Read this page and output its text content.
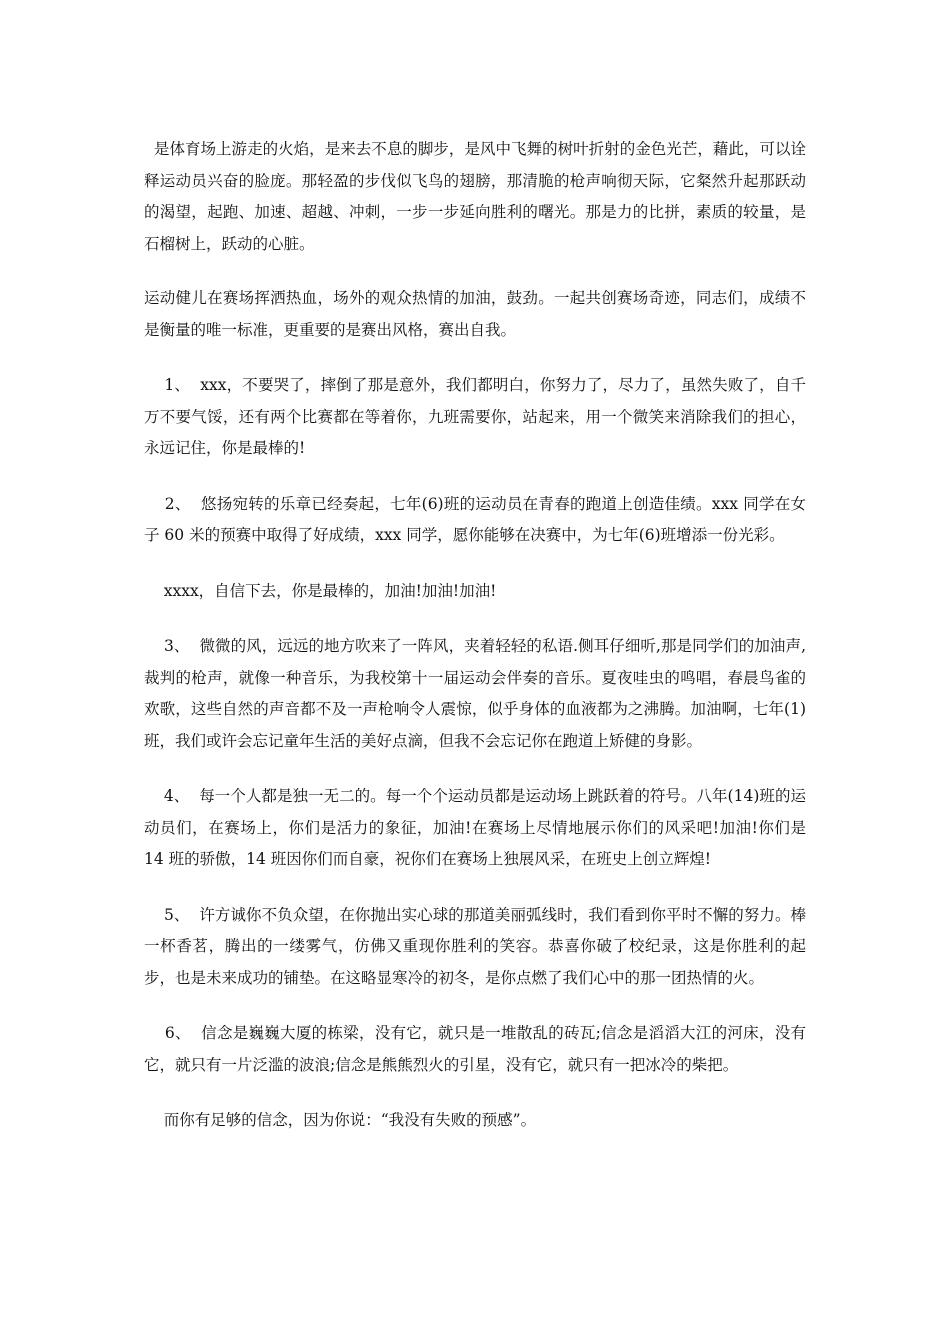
是体育场上游走的火焰，是来去不息的脚步，是风中飞舞的树叶折射的金色光芒，藉此，可以诠释运动员兴奋的脸庞。那轻盈的步伐似飞鸟的翅膀，那清脆的枪声响彻天际，它粲然升起那跃动的渴望，起跑、加速、超越、冲刺，一步一步延向胜利的曙光。那是力的比拼，素质的较量，是石榴树上，跃动的心脏。

运动健儿在赛场挥洒热血，场外的观众热情的加油，鼓劲。一起共创赛场奇迹，同志们，成绩不是衡量的唯一标准，更重要的是赛出风格，赛出自我。

1、  xxx，不要哭了，摔倒了那是意外，我们都明白，你努力了，尽力了，虽然失败了，自千万不要气馁，还有两个比赛都在等着你，九班需要你，站起来，用一个微笑来消除我们的担心，永远记住，你是最棒的!

2、  悠扬宛转的乐章已经奏起，七年(6)班的运动员在青春的跑道上创造佳绩。xxx 同学在女子 60 米的预赛中取得了好成绩，xxx 同学，愿你能够在决赛中，为七年(6)班增添一份光彩。

xxxx，自信下去，你是最棒的，加油!加油!加油!

3、  微微的风，远远的地方吹来了一阵风，夹着轻轻的私语.侧耳仔细听,那是同学们的加油声,裁判的枪声，就像一种音乐，为我校第十一届运动会伴奏的音乐。夏夜哇虫的鸣唱，春晨鸟雀的欢歌，这些自然的声音都不及一声枪响令人震惊，似乎身体的血液都为之沸腾。加油啊，七年(1)班，我们或许会忘记童年生活的美好点滴，但我不会忘记你在跑道上矫健的身影。

4、  每一个人都是独一无二的。每一个个运动员都是运动场上跳跃着的符号。八年(14)班的运动员们，在赛场上，你们是活力的象征，加油!在赛场上尽情地展示你们的风采吧!加油!你们是 14 班的骄傲，14 班因你们而自豪，祝你们在赛场上独展风采，在班史上创立辉煌!

5、  许方诚你不负众望，在你抛出实心球的那道美丽弧线时，我们看到你平时不懈的努力。棒一杯香茗，腾出的一缕雾气，仿佛又重现你胜利的笑容。恭喜你破了校纪录，这是你胜利的起步，也是未来成功的铺垫。在这略显寒冷的初冬，是你点燃了我们心中的那一团热情的火。

6、  信念是巍巍大厦的栋梁，没有它，就只是一堆散乱的砖瓦;信念是滔滔大江的河床，没有它，就只有一片泛滥的波浪;信念是熊熊烈火的引星，没有它，就只有一把冰冷的柴把。

而你有足够的信念，因为你说：“我没有失败的预感”。
